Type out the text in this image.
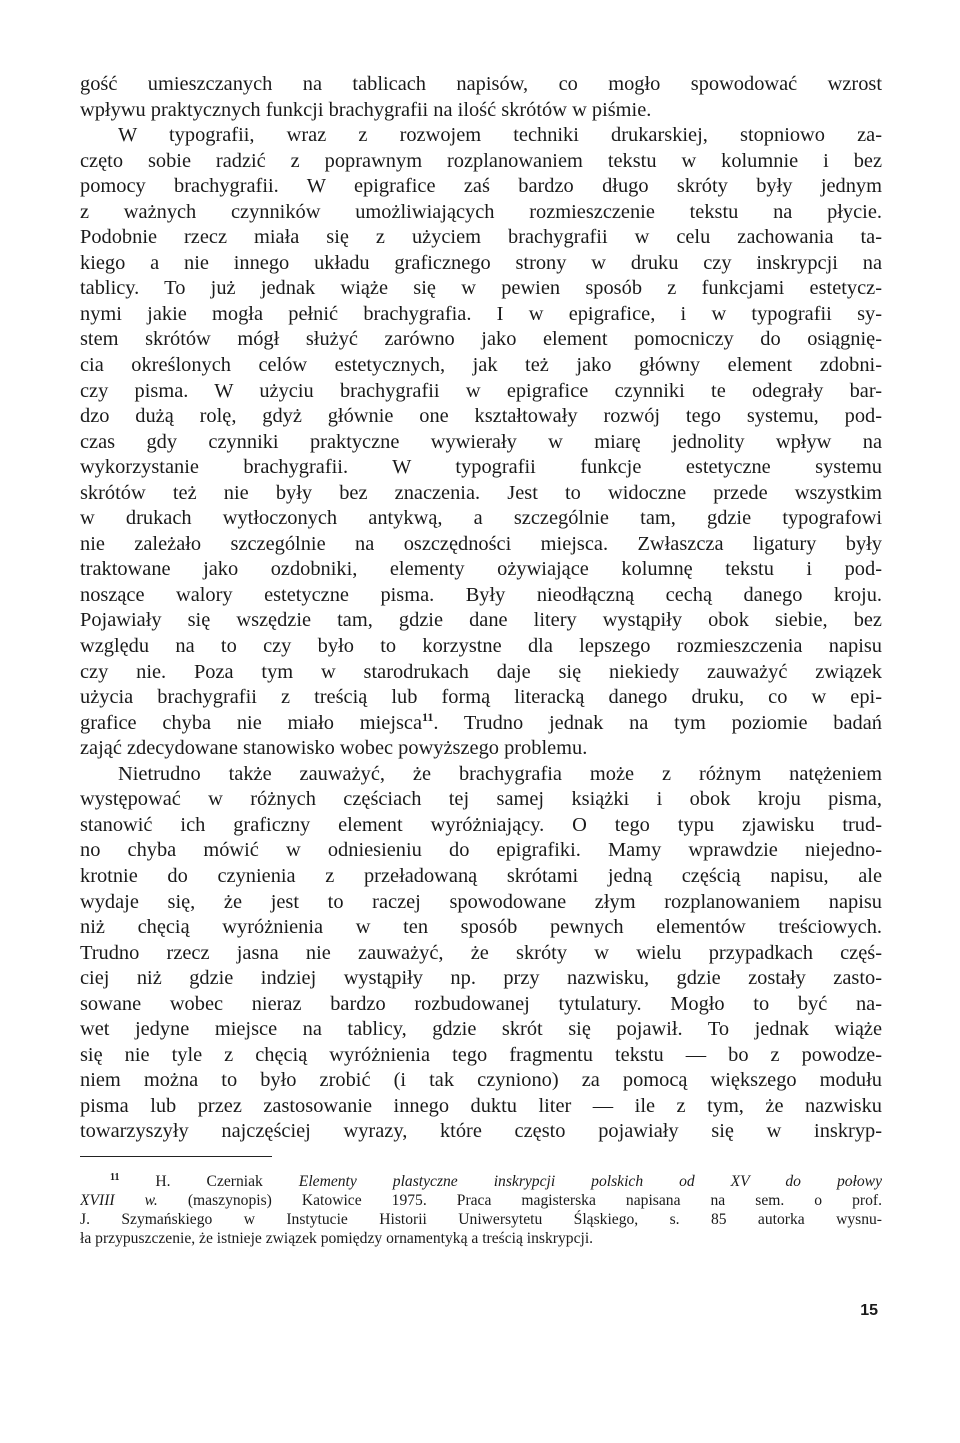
gość umieszczanych na tablicach napisów, co mogło spowodować wzrost
wpływu praktycznych funkcji brachygrafii na ilość skrótów w piśmie.
W typografii, wraz z rozwojem techniki drukarskiej, stopniowo za-
częto sobie radzić z poprawnym rozplanowaniem tekstu w kolumnie i bez
pomocy brachygrafii. W epigrafice zaś bardzo długo skróty były jednym
z ważnych czynników umożliwiających rozmieszczenie tekstu na płycie.
Podobnie rzecz miała się z użyciem brachygrafii w celu zachowania ta-
kiego a nie innego układu graficznego strony w druku czy inskrypcji na
tablicy. To już jednak wiąże się w pewien sposób z funkcjami estetycz-
nymi jakie mogła pełnić brachygrafia. I w epigrafice, i w typografii sy-
stem skrótów mógł służyć zarówno jako element pomocniczy do osiągnię-
cia określonych celów estetycznych, jak też jako główny element zdobni-
czy pisma. W użyciu brachygrafii w epigrafice czynniki te odegrały bar-
dzo dużą rolę, gdyż głównie one kształtowały rozwój tego systemu, pod-
czas gdy czynniki praktyczne wywierały w miarę jednolity wpływ na
wykorzystanie brachygrafii. W typografii funkcje estetyczne systemu
skrótów też nie były bez znaczenia. Jest to widoczne przede wszystkim
w drukach wytłoczonych antykwą, a szczególnie tam, gdzie typografowi
nie zależało szczególnie na oszczędności miejsca. Zwłaszcza ligatury były
traktowane jako ozdobniki, elementy ożywiające kolumnę tekstu i pod-
noszące walory estetyczne pisma. Były nieodłączną cechą danego kroju.
Pojawiały się wszędzie tam, gdzie dane litery wystąpiły obok siebie, bez
względu na to czy było to korzystne dla lepszego rozmieszczenia napisu
czy nie. Poza tym w starodrukach daje się niekiedy zauważyć związek
użycia brachygrafii z treścią lub formą literacką danego druku, co w epi-
grafice chyba nie miało miejsca$^{11}$. Trudno jednak na tym poziomie badań
zająć zdecydowane stanowisko wobec powyższego problemu.
Nietrudno także zauważyć, że brachygrafia może z różnym natężeniem
występować w różnych częściach tej samej książki i obok kroju pisma,
stanowić ich graficzny element wyróżniający. O tego typu zjawisku trud-
no chyba mówić w odniesieniu do epigrafiki. Mamy wprawdzie niejedno-
krotnie do czynienia z przeładowaną skrótami jedną częścią napisu, ale
wydaje się, że jest to raczej spowodowane złym rozplanowaniem napisu
niż chęcią wyróżnienia w ten sposób pewnych elementów treściowych.
Trudno rzecz jasna nie zauważyć, że skróty w wielu przypadkach częś-
ciej niż gdzie indziej wystąpiły np. przy nazwisku, gdzie zostały zasto-
sowane wobec nieraz bardzo rozbudowanej tytulatury. Mogło to być na-
wet jedyne miejsce na tablicy, gdzie skrót się pojawił. To jednak wiąże
się nie tyle z chęcią wyróżnienia tego fragmentu tekstu — bo z powodze-
niem można to było zrobić (i tak czyniono) za pomocą większego modułu
pisma lub przez zastosowanie innego duktu liter — ile z tym, że nazwisku
towarzyszyły najczęściej wyrazy, które często pojawiały się w inskryp-
$^{11}$ H. Czerniak Elementy plastyczne inskrypcji polskich od XV do połowy
XVIII w. (maszynopis) Katowice 1975. Praca magisterska napisana na sem. o prof.
J. Szymańskiego w Instytucie Historii Uniwersytetu Śląskiego, s. 85 autorka wysnu-
ła przypuszczenie, że istnieje związek pomiędzy ornamentyką a treścią inskrypcji.
15
